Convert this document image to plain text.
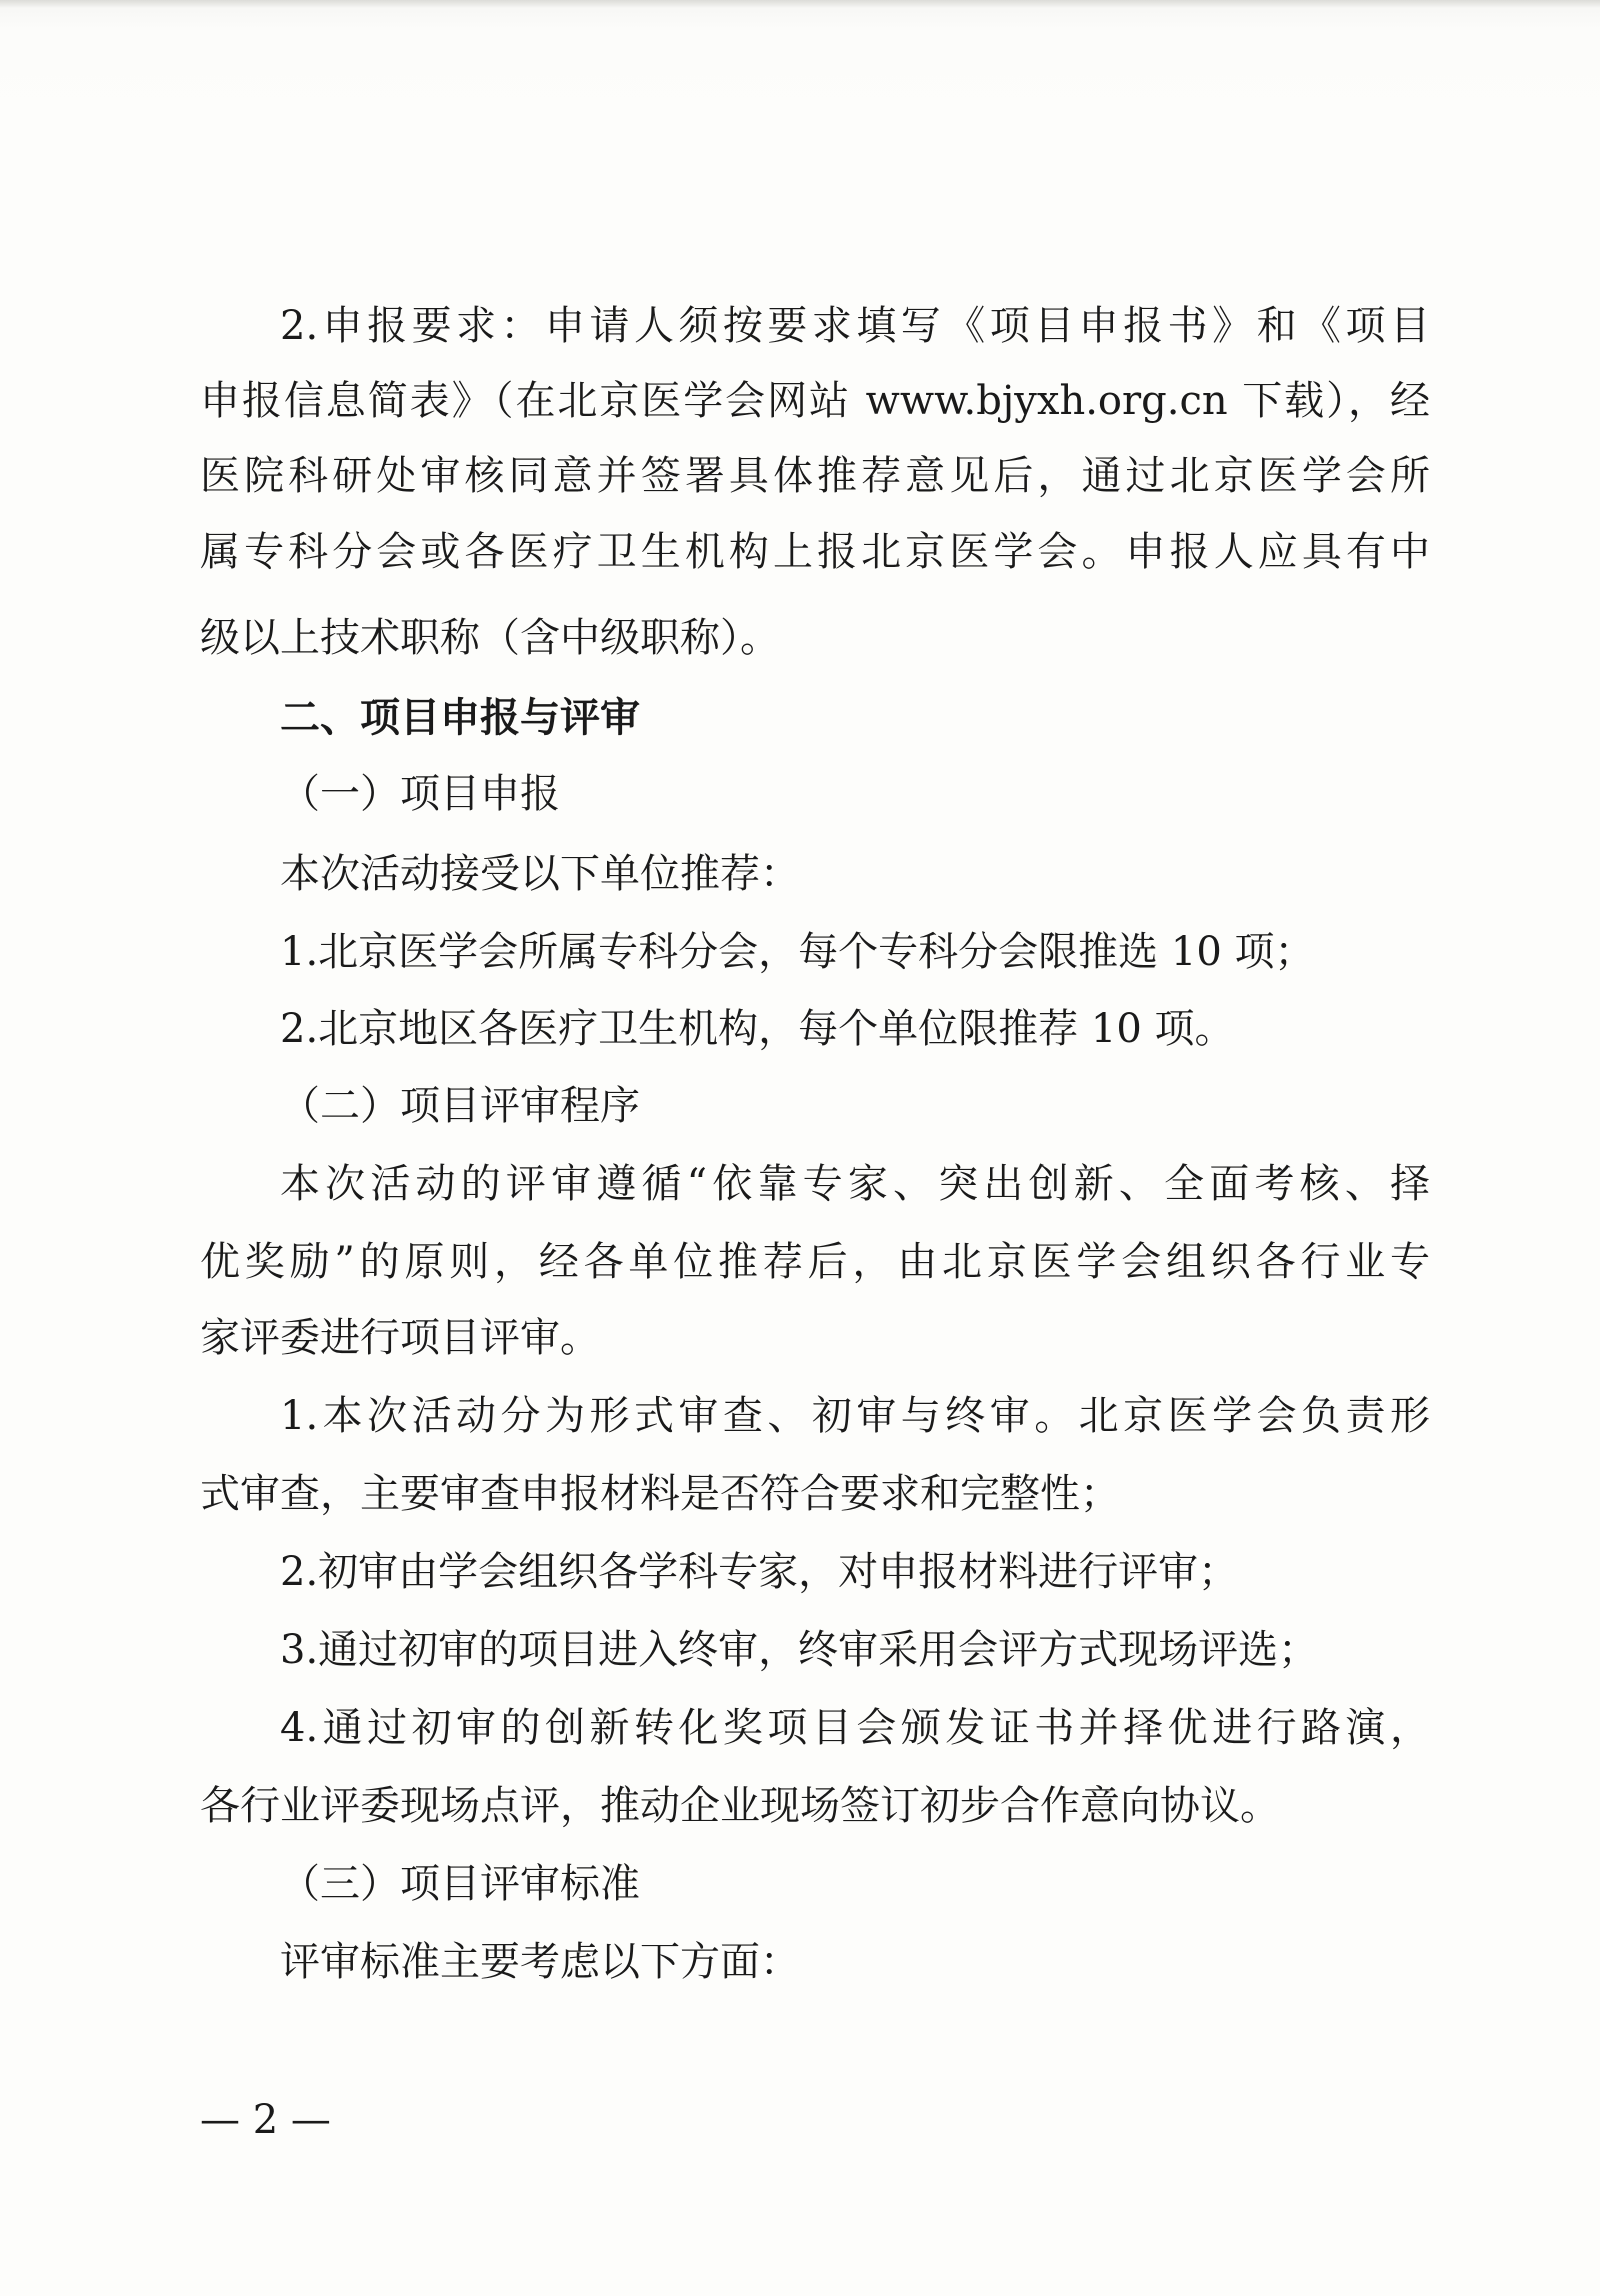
2.申报要求：申请人须按要求填写《项目申报书》和《项目
申报信息简表》（在北京医学会网站 www.bjyxh.org.cn 下载），经
医院科研处审核同意并签署具体推荐意见后，通过北京医学会所
属专科分会或各医疗卫生机构上报北京医学会。申报人应具有中
级以上技术职称（含中级职称）。
二、项目申报与评审
（一）项目申报
本次活动接受以下单位推荐：
1.北京医学会所属专科分会，每个专科分会限推选 10 项；
2.北京地区各医疗卫生机构，每个单位限推荐 10 项。
（二）项目评审程序
本次活动的评审遵循“依靠专家、突出创新、全面考核、择
优奖励”的原则，经各单位推荐后，由北京医学会组织各行业专
家评委进行项目评审。
1.本次活动分为形式审查、初审与终审。北京医学会负责形
式审查，主要审查申报材料是否符合要求和完整性；
2.初审由学会组织各学科专家，对申报材料进行评审；
3.通过初审的项目进入终审，终审采用会评方式现场评选；
4.通过初审的创新转化奖项目会颁发证书并择优进行路演，
各行业评委现场点评，推动企业现场签订初步合作意向协议。
（三）项目评审标准
评审标准主要考虑以下方面：
— 2 —
